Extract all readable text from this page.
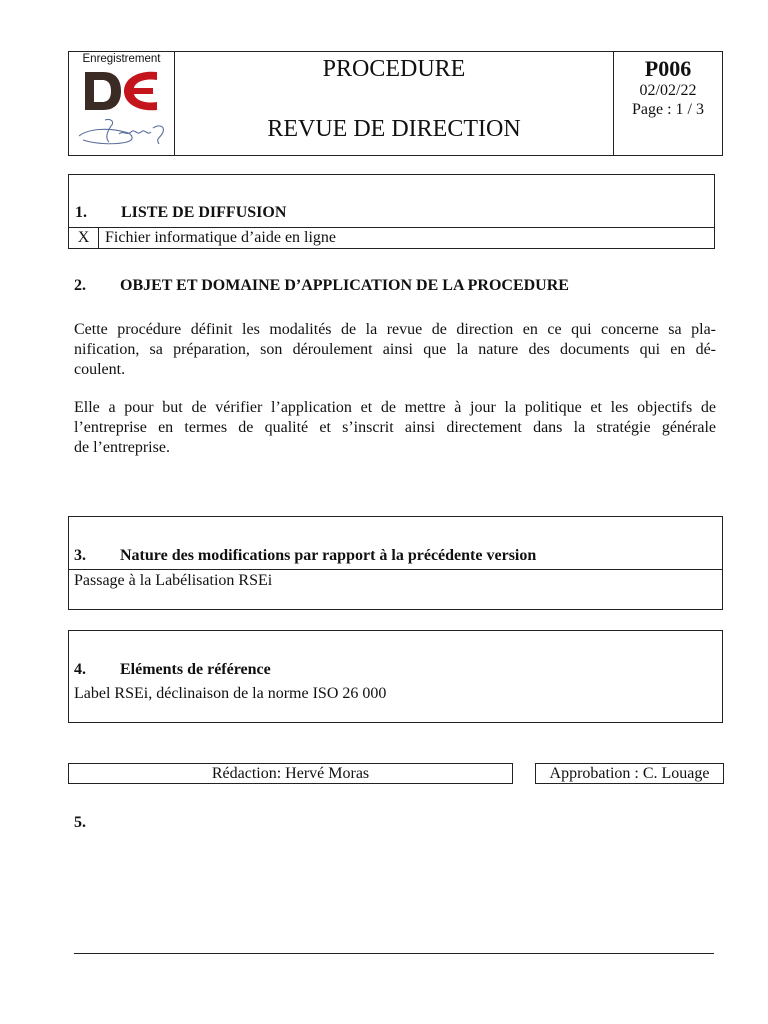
Enregistrement	PROCEDURE
REVUE DE DIRECTION
P006
02/02/22
Page : 1 / 3
1. LISTE DE DIFFUSION
X Fichier informatique d’aide en ligne
2. OBJET ET DOMAINE D’APPLICATION DE LA PROCEDURE
Cette procédure définit les modalités de la revue de direction en ce qui concerne sa pla-
nification, sa préparation, son déroulement ainsi que la nature des documents qui en dé-
coulent.
Elle a pour but de vérifier l’application et de mettre à jour la politique et les objectifs de
l’entreprise en termes de qualité et s’inscrit ainsi directement dans la stratégie générale
de l’entreprise.
3. Nature des modifications par rapport à la précédente version
Passage à la Labélisation RSEi
4. Eléments de référence
Label RSEi, déclinaison de la norme ISO 26 000
Rédaction: Hervé Moras	Approbation : C. Louage
5.
